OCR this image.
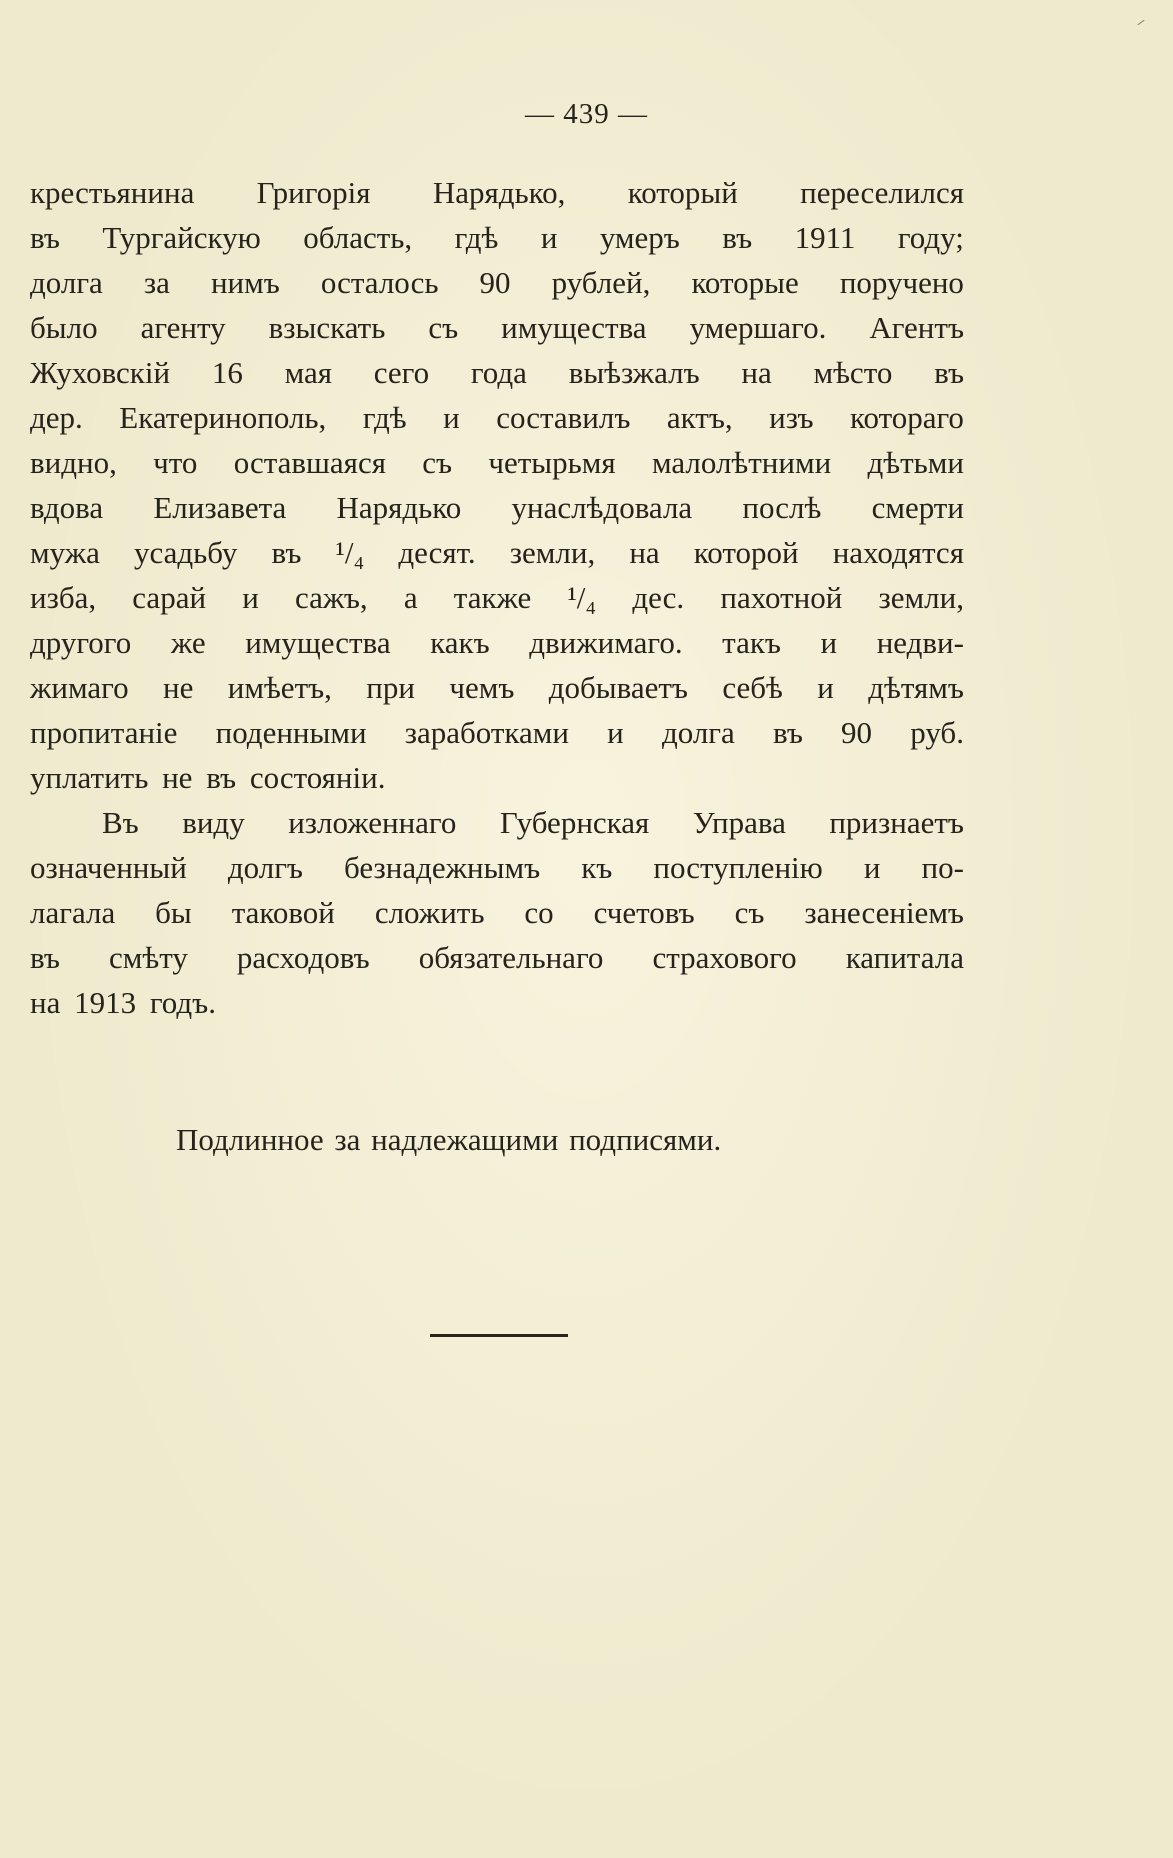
— 439 —
крестьянина Григорія Нарядько, который переселился
въ Тургайскую область, гдѣ и умеръ въ 1911 году;
долга за нимъ осталось 90 рублей, которые поручено
было агенту взыскать съ имущества умершаго. Агентъ
Жуховскій 16 мая сего года выѣзжалъ на мѣсто въ
дер. Екатеринополь, гдѣ и составилъ актъ, изъ котораго
видно, что оставшаяся съ четырьмя малолѣтними дѣтьми
вдова Елизавета Нарядько унаслѣдовала послѣ смерти
мужа усадьбу въ ¹/₄ десят. земли, на которой находятся
изба, сарай и сажъ, а также ¹/₄ дес. пахотной земли,
другого же имущества какъ движимаго. такъ и недви-
жимаго не имѣетъ, при чемъ добываетъ себѣ и дѣтямъ
пропитаніе поденными заработками и долга въ 90 руб.
уплатить не въ состояніи.
Въ виду изложеннаго Губернская Управа признаетъ
означенный долгъ безнадежнымъ къ поступленію и по-
лагала бы таковой сложить со счетовъ съ занесеніемъ
въ смѣту расходовъ обязательнаго страхового капитала
на 1913 годъ.
Подлинное за надлежащими подписями.
